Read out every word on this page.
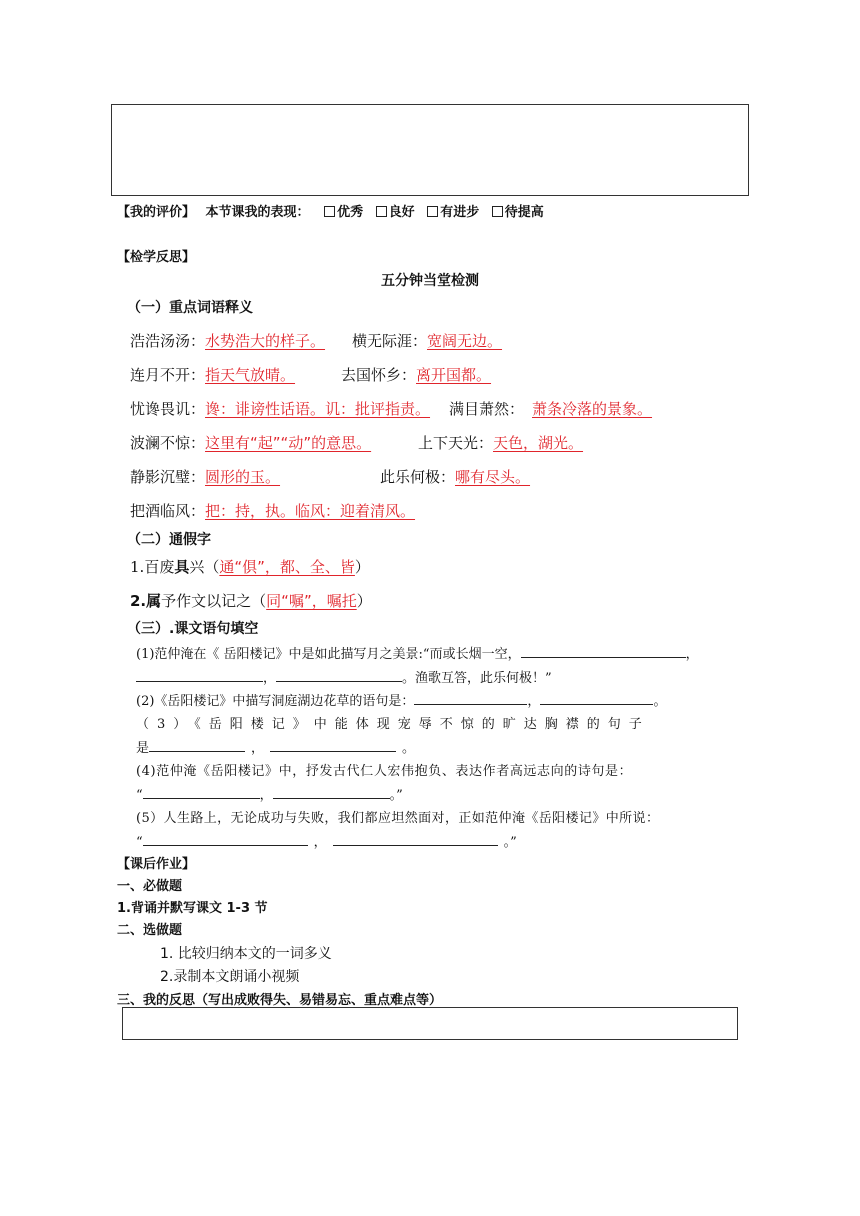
【我的评价】 本节课我的表现： 优秀 良好 有进步 待提高
【检学反思】
五分钟当堂检测
（一）重点词语释义
浩浩汤汤：水势浩大的样子。 横无际涯：宽阔无边。
连月不开：指天气放晴。	去国怀乡：离开国都。
忧谗畏讥：谗：诽谤性话语。讥：批评指责。 满目萧然： 萧条冷落的景象。
波澜不惊：这里有“起”“动”的意思。	上下天光：天色，湖光。
静影沉璧：圆形的玉。	此乐何极：哪有尽头。
把酒临风：把：持，执。临风：迎着清风。
（二）通假字
1.百废具兴（通“俱”，都、全、皆）
2.属予作文以记之（同“嘱”，嘱托）
（三）.课文语句填空
(1)范仲淹在《 岳阳楼记》中是如此描写月之美景:“而或长烟一空，	，
，	。渔歌互答，此乐何极！”
(2)《岳阳楼记》中描写洞庭湖边花草的语句是：	，	。
（3）《岳阳楼记》中能体现宠辱不惊的旷达胸襟的句子
是	，	。
(4)范仲淹《岳阳楼记》中，抒发古代仁人宏伟抱负、表达作者高远志向的诗句是：
“	，	。”
(5）人生路上，无论成功与失败，我们都应坦然面对，正如范仲淹《岳阳楼记》中所说：
“	，	。”
【课后作业】
一、必做题
1.背诵并默写课文 1-3 节
二、选做题
1. 比较归纳本文的一词多义
2.录制本文朗诵小视频
三、我的反思（写出成败得失、易错易忘、重点难点等）
